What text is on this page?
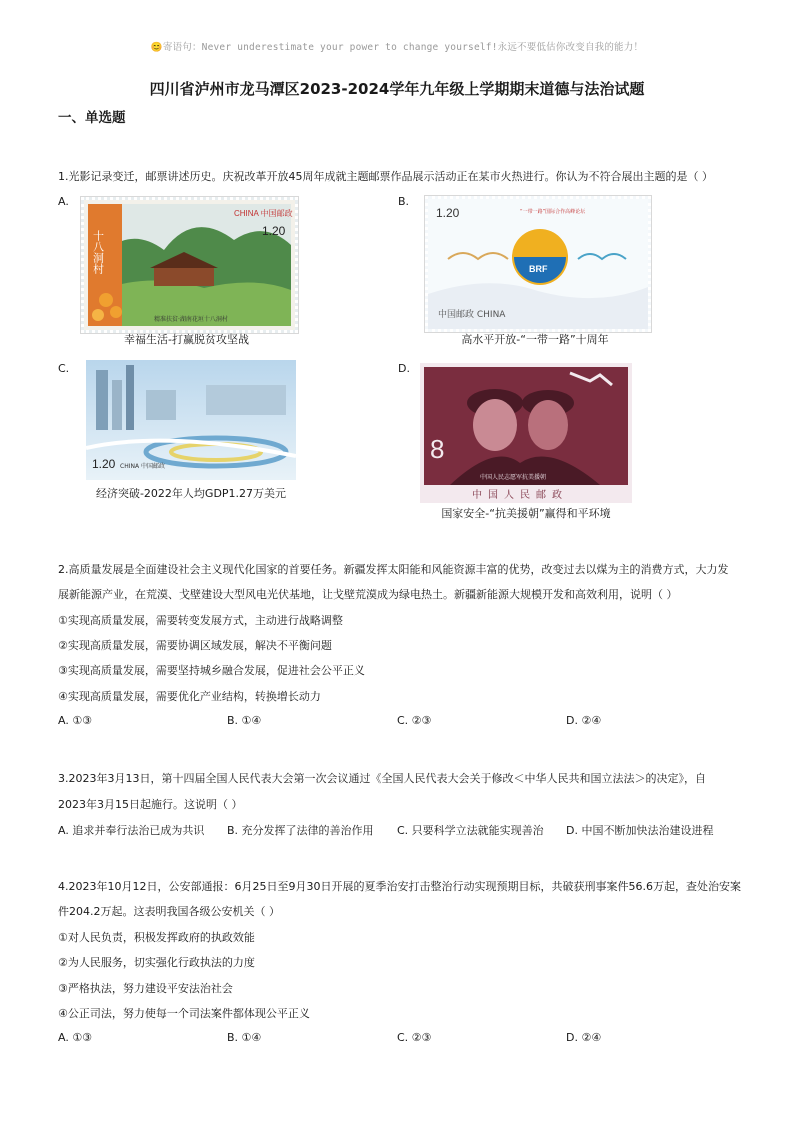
😊寄语句：Never underestimate your power to change yourself!永远不要低估你改变自我的能力！
四川省泸州市龙马潭区2023-2024学年九年级上学期期末道德与法治试题
一、单选题
1.光影记录变迁，邮票讲述历史。庆祝改革开放45周年成就主题邮票作品展示活动正在某市火热进行。你认为不符合展出主题的是（ ）
A.
CHINA 中国邮政
1.20
十八洞村
精准扶贫·湖南花垣十八洞村
幸福生活-打赢脱贫攻坚战
B.
BRF
“一带一路”国际合作高峰论坛
1.20
中国邮政 CHINA
高水平开放-“一带一路”十周年
C.
1.20 CHINA 中国邮政
经济突破-2022年人均GDP1.27万美元
D.
8
中国人民志愿军抗美援朝
中国人民邮政
国家安全-“抗美援朝”赢得和平环境
2.高质量发展是全面建设社会主义现代化国家的首要任务。新疆发挥太阳能和风能资源丰富的优势，改变过去以煤为主的消费方式，大力发
展新能源产业，在荒漠、戈壁建设大型风电光伏基地，让戈壁荒漠成为绿电热土。新疆新能源大规模开发和高效利用，说明（ ）
①实现高质量发展，需要转变发展方式，主动进行战略调整
②实现高质量发展，需要协调区域发展，解决不平衡问题
③实现高质量发展，需要坚持城乡融合发展，促进社会公平正义
④实现高质量发展，需要优化产业结构，转换增长动力
A. ①③	B. ①④	C. ②③	D. ②④
3.2023年3月13日，第十四届全国人民代表大会第一次会议通过《全国人民代表大会关于修改＜中华人民共和国立法法＞的决定》，自
2023年3月15日起施行。这说明（ ）
A. 追求并奉行法治已成为共识 B. 充分发挥了法律的善治作用 C. 只要科学立法就能实现善治 D. 中国不断加快法治建设进程
4.2023年10月12日，公安部通报：6月25日至9月30日开展的夏季治安打击整治行动实现预期目标，共破获刑事案件56.6万起，查处治安案
件204.2万起。这表明我国各级公安机关（ ）
①对人民负责，积极发挥政府的执政效能
②为人民服务，切实强化行政执法的力度
③严格执法，努力建设平安法治社会
④公正司法，努力使每一个司法案件都体现公平正义
A. ①③	B. ①④	C. ②③	D. ②④
